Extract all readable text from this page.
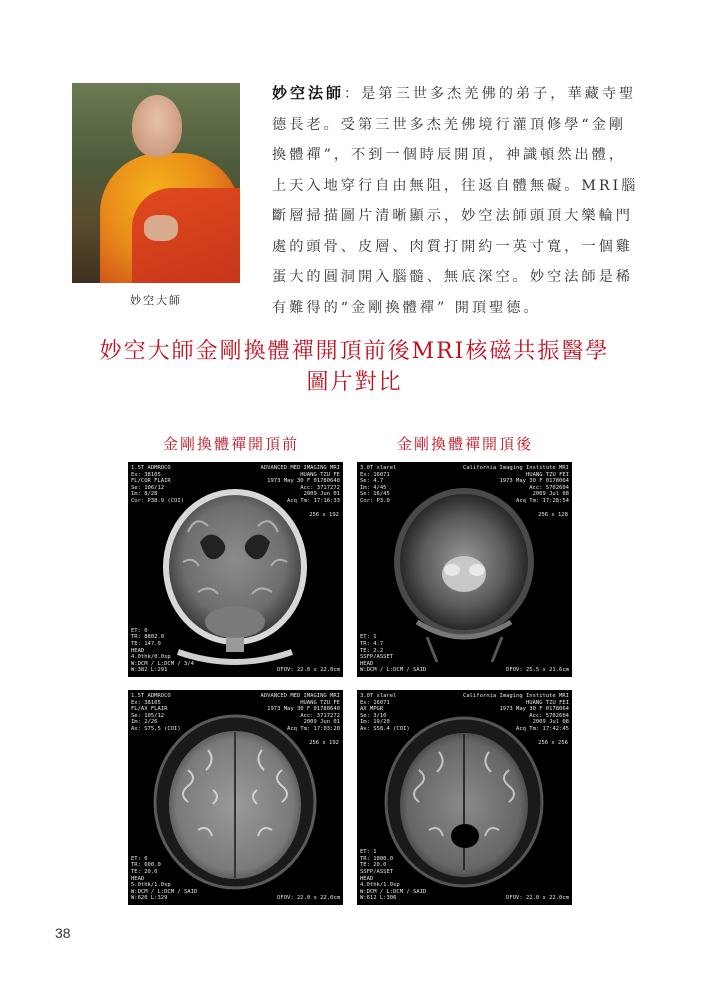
妙空大師
妙空法師：是第三世多杰羌佛的弟子，華藏寺聖德長老。受第三世多杰羌佛境行灌頂修學“金剛換體禪”，不到一個時辰開頂，神識頓然出體，上天入地穿行自由無阻，往返自體無礙。MRI腦斷層掃描圖片清晰顯示，妙空法師頭頂大樂輪門處的頭骨、皮層、肉質打開約一英寸寬，一個雞蛋大的圓洞開入腦髓、無底深空。妙空法師是稀有難得的“金剛換體禪” 開頂聖德。
妙空大師金剛換體禪開頂前後MRI核磁共振醫學
圖片對比
金剛換體禪開頂前	金剛換體禪開頂後
1.5T ADMROCO
Ex: 38105
FL/COR FLAIR
Se: 106/12
Im: 8/28
Cor: P38.9 (COI)
ADVANCED MED IMAGING MRI
HUANG TZU FE
1973 May 30 F 01780640
Acc: 3717272
2009 Jun 01
Acq Tm: 17:16:33
256 x 192
ET: 0
TR: 8802.0
TE: 147.0
HEAD
4.0thk/0.0sp
W:DCM / L:DCM / 3/4
W:382 L:291	DFOV: 22.0 x 22.0cm
3.0T xlarel
Ex: 16071
Se: 4.7
Im: 4/45
Se: 16/45
Cor: P3.0
California Imaging Institute MRI
HUANG TZU FEI
1973 May 30 F 0178064
Acc: 5702604
2009 Jul 08
Acq Tm: 17:28:54
256 x 128
ET: 1
TR: 4.7
TE: 2.2
SSFP/ASSET
HEAD
W:DCM / L:DCM / SAID	DFOV: 25.5 x 21.6cm
1.5T ADMROCO
Ex: 38105
FL/AX FLAIR
Se: 105/12
Im: 2/26
Ax: S75.5 (COI)
ADVANCED MED IMAGING MRI
HUANG TZU FE
1973 May 30 F 01780640
Acc: 3717272
2009 Jun 01
Acq Tm: 17:03:20
256 x 192
ET: 0
TR: 600.0
TE: 20.0
HEAD
5.0thk/1.0sp
W:DCM / L:DCM / SAID
W:620 L:329	DFOV: 22.0 x 22.0cm
3.0T xlarel
Ex: 16071
AX MPGR
Se: 3/10
Im: 19/20
Ax: S58.4 (COI)
California Imaging Institute MRI
HUANG TZU FEI
1973 May 30 F 0178064
Acc: 5702604
2009 Jul 08
Acq Tm: 17:42:45
256 x 256
ET: 1
TR: 1000.0
TE: 20.0
SSFP/ASSET
HEAD
4.0thk/1.0sp
W:DCM / L:DCM / SAID
W:612 L:306	DFOV: 22.0 x 22.0cm
38
